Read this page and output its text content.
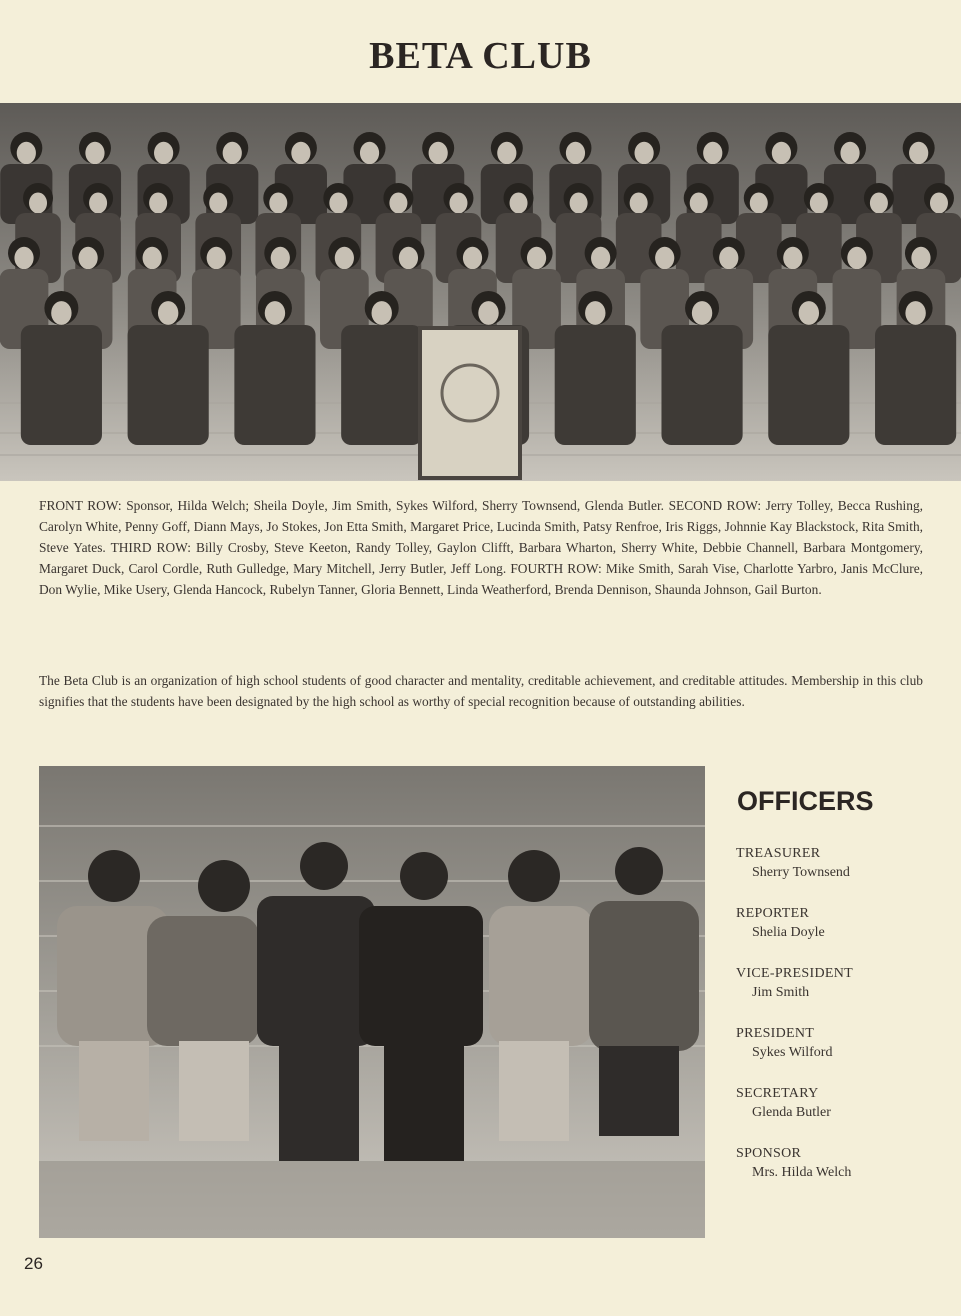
BETA CLUB
FRONT ROW: Sponsor, Hilda Welch; Sheila Doyle, Jim Smith, Sykes Wilford, Sherry Townsend, Glenda Butler. SECOND ROW: Jerry Tolley, Becca Rushing, Carolyn White, Penny Goff, Diann Mays, Jo Stokes, Jon Etta Smith, Margaret Price, Lucinda Smith, Patsy Renfroe, Iris Riggs, Johnnie Kay Blackstock, Rita Smith, Steve Yates. THIRD ROW: Billy Crosby, Steve Keeton, Randy Tolley, Gaylon Clifft, Barbara Wharton, Sherry White, Debbie Channell, Barbara Montgomery, Margaret Duck, Carol Cordle, Ruth Gulledge, Mary Mitchell, Jerry Butler, Jeff Long. FOURTH ROW: Mike Smith, Sarah Vise, Charlotte Yarbro, Janis McClure, Don Wylie, Mike Usery, Glenda Hancock, Rubelyn Tanner, Gloria Bennett, Linda Weatherford, Brenda Dennison, Shaunda Johnson, Gail Burton.
The Beta Club is an organization of high school students of good character and mentality, creditable achievement, and creditable attitudes. Membership in this club signifies that the students have been designated by the high school as worthy of special recognition because of outstanding abilities.
OFFICERS
TREASURER
Sherry Townsend
REPORTER
Shelia Doyle
VICE-PRESIDENT
Jim Smith
PRESIDENT
Sykes Wilford
SECRETARY
Glenda Butler
SPONSOR
Mrs. Hilda Welch
26
